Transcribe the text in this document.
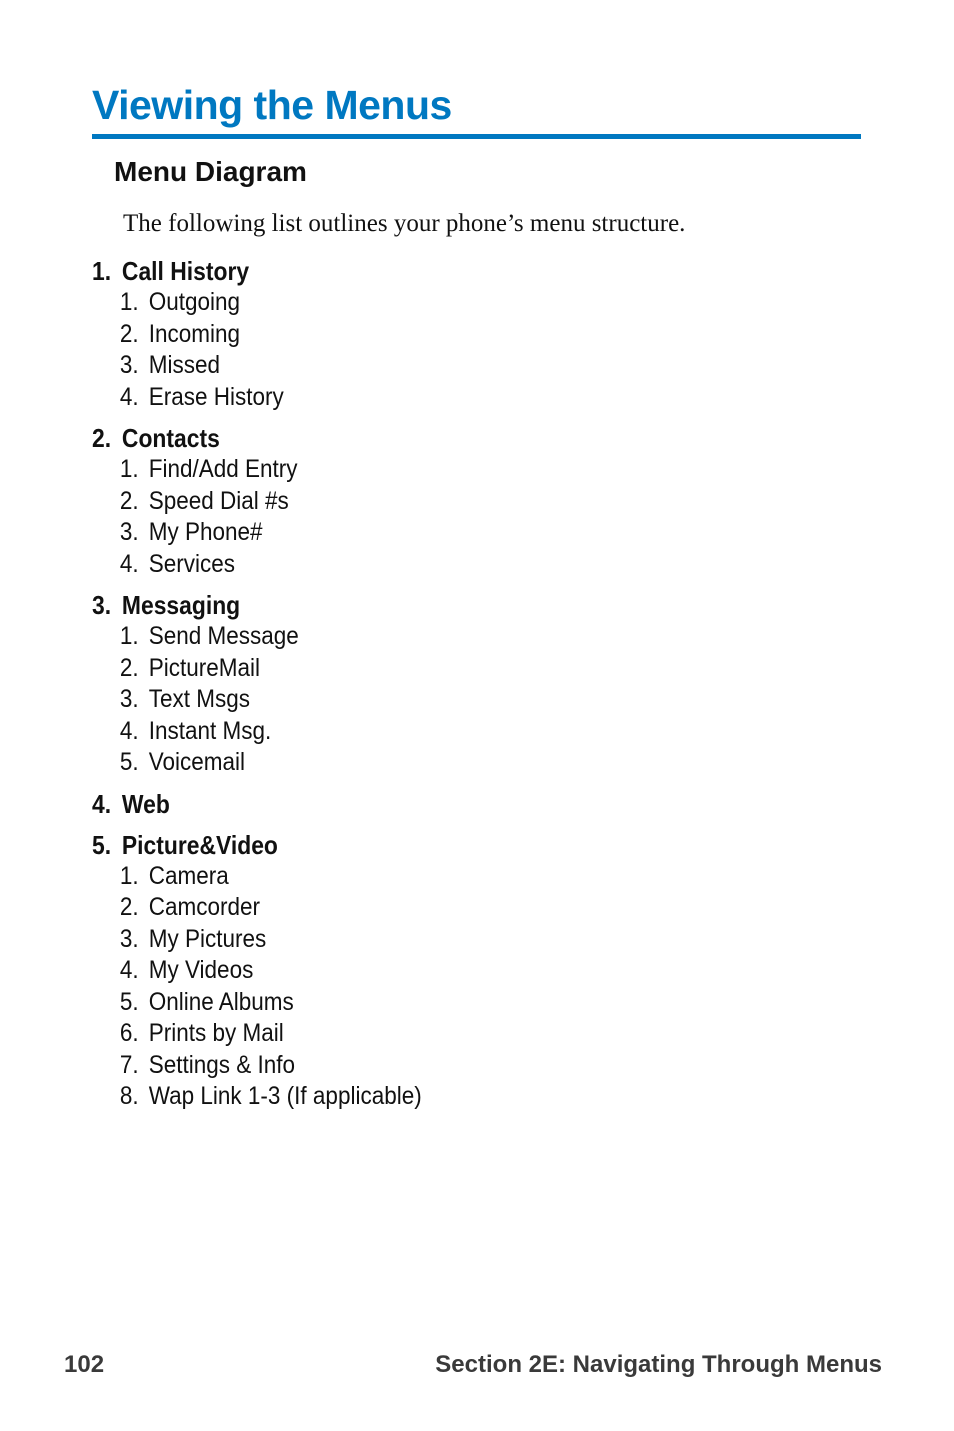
Viewing the Menus
Menu Diagram
The following list outlines your phone’s menu structure.
1. Call History
1. Outgoing
2. Incoming
3. Missed
4. Erase History
2. Contacts
1. Find/Add Entry
2. Speed Dial #s
3. My Phone#
4. Services
3. Messaging
1. Send Message
2. PictureMail
3. Text Msgs
4. Instant Msg.
5. Voicemail
4. Web
5. Picture&Video
1. Camera
2. Camcorder
3. My Pictures
4. My Videos
5. Online Albums
6. Prints by Mail
7. Settings & Info
8. Wap Link 1-3 (If applicable)
102	Section 2E: Navigating Through Menus
